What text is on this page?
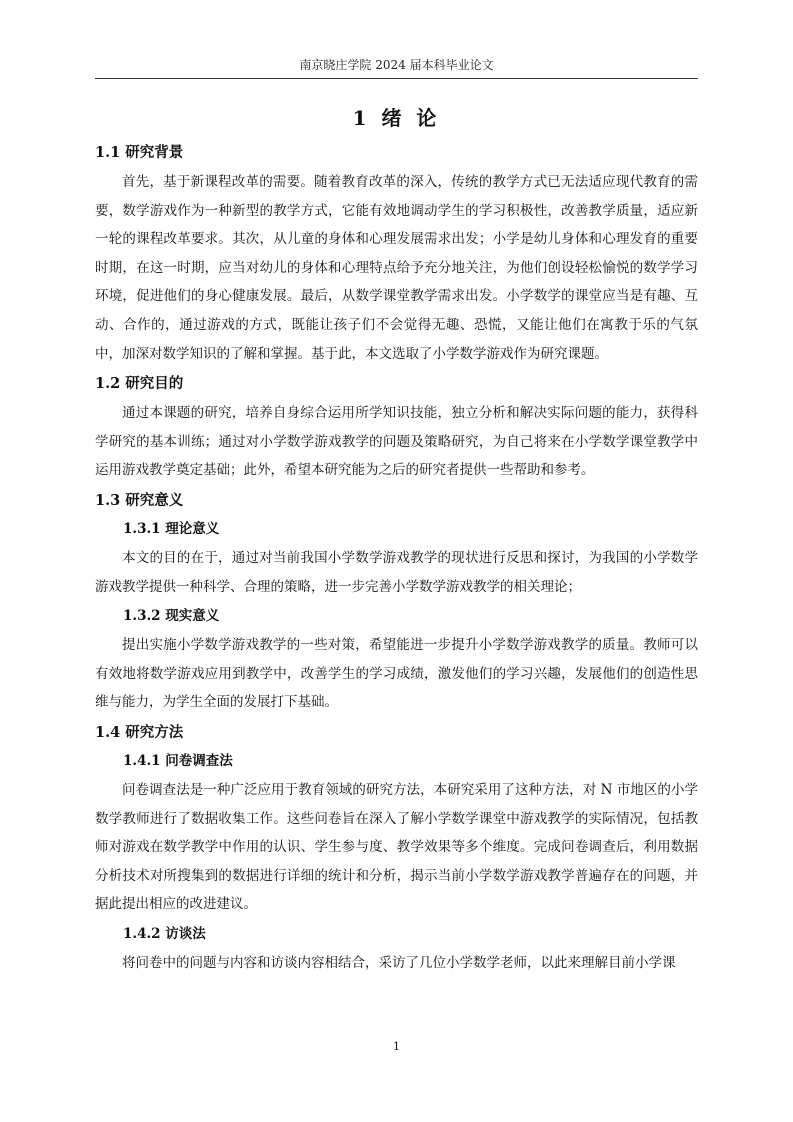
南京晓庄学院 2024 届本科毕业论文
1 绪 论
1.1 研究背景

首先，基于新课程改革的需要。随着教育改革的深入，传统的教学方式已无法适应现代教育的需要，数学游戏作为一种新型的教学方式，它能有效地调动学生的学习积极性，改善教学质量，适应新一轮的课程改革要求。其次，从儿童的身体和心理发展需求出发；小学是幼儿身体和心理发育的重要时期，在这一时期，应当对幼儿的身体和心理特点给予充分地关注，为他们创设轻松愉悦的数学学习环境，促进他们的身心健康发展。最后，从数学课堂教学需求出发。小学数学的课堂应当是有趣、互动、合作的，通过游戏的方式，既能让孩子们不会觉得无趣、恐慌，又能让他们在寓教于乐的气氛中，加深对数学知识的了解和掌握。基于此，本文选取了小学数学游戏作为研究课题。

1.2 研究目的

通过本课题的研究，培养自身综合运用所学知识技能，独立分析和解决实际问题的能力，获得科学研究的基本训练；通过对小学数学游戏教学的问题及策略研究，为自己将来在小学数学课堂教学中运用游戏教学奠定基础；此外，希望本研究能为之后的研究者提供一些帮助和参考。

1.3 研究意义
1.3.1 理论意义

本文的目的在于，通过对当前我国小学数学游戏教学的现状进行反思和探讨，为我国的小学数学游戏教学提供一种科学、合理的策略，进一步完善小学数学游戏教学的相关理论；

1.3.2 现实意义

提出实施小学数学游戏教学的一些对策，希望能进一步提升小学数学游戏教学的质量。教师可以有效地将数学游戏应用到教学中，改善学生的学习成绩，激发他们的学习兴趣，发展他们的创造性思维与能力，为学生全面的发展打下基础。

1.4 研究方法
1.4.1 问卷调查法

问卷调查法是一种广泛应用于教育领域的研究方法，本研究采用了这种方法，对 N 市地区的小学数学教师进行了数据收集工作。这些问卷旨在深入了解小学数学课堂中游戏教学的实际情况，包括教师对游戏在数学教学中作用的认识、学生参与度、教学效果等多个维度。完成问卷调查后，利用数据分析技术对所搜集到的数据进行详细的统计和分析，揭示当前小学数学游戏教学普遍存在的问题，并据此提出相应的改进建议。

1.4.2 访谈法

将问卷中的问题与内容和访谈内容相结合，采访了几位小学数学老师，以此来理解目前小学课

1
